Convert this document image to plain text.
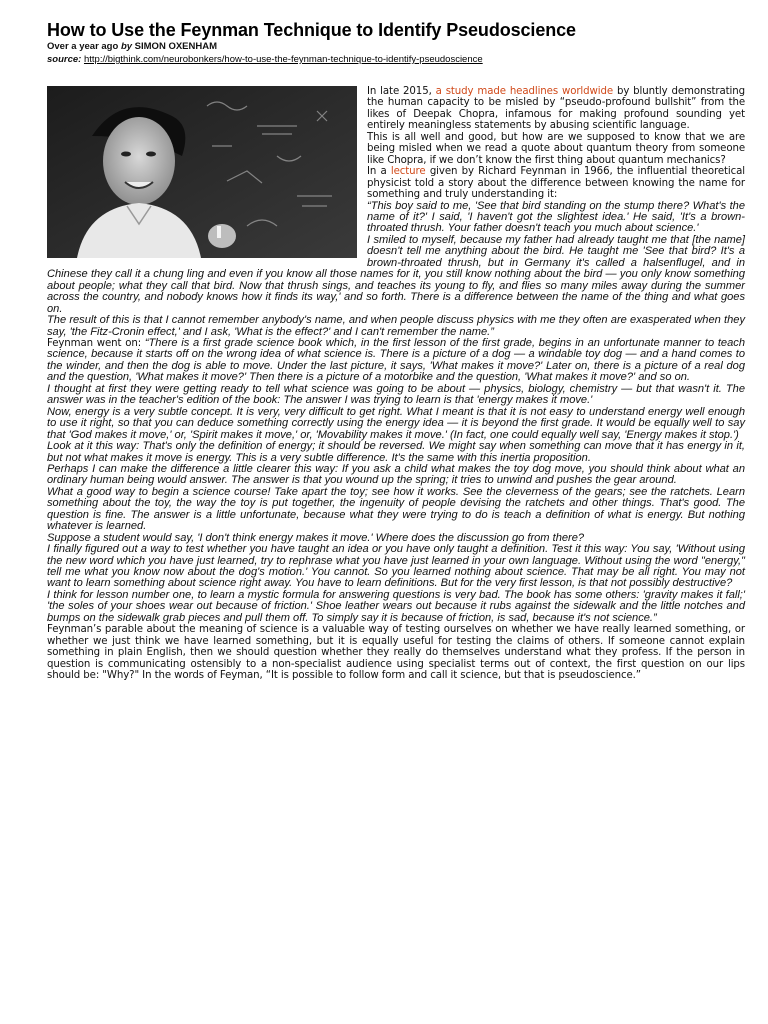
How to Use the Feynman Technique to Identify Pseudoscience
Over a year ago by SIMON OXENHAM
source: http://bigthink.com/neurobonkers/how-to-use-the-feynman-technique-to-identify-pseudoscience

In late 2015, a study made headlines worldwide by bluntly demonstrating the human capacity to be misled by “pseudo-profound bullshit” from the likes of Deepak Chopra, infamous for making profound sounding yet entirely meaningless statements by abusing scientific language.

This is all well and good, but how are we supposed to know that we are being misled when we read a quote about quantum theory from someone like Chopra, if we don’t know the first thing about quantum mechanics?

In a lecture given by Richard Feynman in 1966, the influential theoretical physicist told a story about the difference between knowing the name for something and truly understanding it:

“This boy said to me, 'See that bird standing on the stump there? What's the name of it?' I said, 'I haven't got the slightest idea.' He said, 'It's a brown-throated thrush. Your father doesn't teach you much about science.'

I smiled to myself, because my father had already taught me that [the name] doesn't tell me anything about the bird. He taught me 'See that bird? It's a brown-throated thrush, but in Germany it's called a halsenflugel, and in Chinese they call it a chung ling and even if you know all those names for it, you still know nothing about the bird — you only know something about people; what they call that bird. Now that thrush sings, and teaches its young to fly, and flies so many miles away during the summer across the country, and nobody knows how it finds its way,' and so forth. There is a difference between the name of the thing and what goes on.

The result of this is that I cannot remember anybody's name, and when people discuss physics with me they often are exasperated when they say, 'the Fitz-Cronin effect,' and I ask, 'What is the effect?' and I can't remember the name.”

Feynman went on: “There is a first grade science book which, in the first lesson of the first grade, begins in an unfortunate manner to teach science, because it starts off on the wrong idea of what science is. There is a picture of a dog — a windable toy dog — and a hand comes to the winder, and then the dog is able to move. Under the last picture, it says, 'What makes it move?' Later on, there is a picture of a real dog and the question, 'What makes it move?' Then there is a picture of a motorbike and the question, 'What makes it move?' and so on.

I thought at first they were getting ready to tell what science was going to be about — physics, biology, chemistry — but that wasn't it. The answer was in the teacher's edition of the book: The answer I was trying to learn is that 'energy makes it move.'

Now, energy is a very subtle concept. It is very, very difficult to get right. What I meant is that it is not easy to understand energy well enough to use it right, so that you can deduce something correctly using the energy idea — it is beyond the first grade. It would be equally well to say that 'God makes it move,' or, 'Spirit makes it move,' or, 'Movability makes it move.' (In fact, one could equally well say, 'Energy makes it stop.')

Look at it this way: That's only the definition of energy; it should be reversed. We might say when something can move that it has energy in it, but not what makes it move is energy. This is a very subtle difference. It's the same with this inertia proposition.

Perhaps I can make the difference a little clearer this way: If you ask a child what makes the toy dog move, you should think about what an ordinary human being would answer. The answer is that you wound up the spring; it tries to unwind and pushes the gear around.

What a good way to begin a science course! Take apart the toy; see how it works. See the cleverness of the gears; see the ratchets. Learn something about the toy, the way the toy is put together, the ingenuity of people devising the ratchets and other things. That's good. The question is fine. The answer is a little unfortunate, because what they were trying to do is teach a definition of what is energy. But nothing whatever is learned.

Suppose a student would say, 'I don't think energy makes it move.' Where does the discussion go from there?

I finally figured out a way to test whether you have taught an idea or you have only taught a definition. Test it this way: You say, 'Without using the new word which you have just learned, try to rephrase what you have just learned in your own language. Without using the word "energy," tell me what you know now about the dog's motion.' You cannot. So you learned nothing about science. That may be all right. You may not want to learn something about science right away. You have to learn definitions. But for the very first lesson, is that not possibly destructive?

I think for lesson number one, to learn a mystic formula for answering questions is very bad. The book has some others: 'gravity makes it fall;' 'the soles of your shoes wear out because of friction.' Shoe leather wears out because it rubs against the sidewalk and the little notches and bumps on the sidewalk grab pieces and pull them off. To simply say it is because of friction, is sad, because it's not science.”

Feynman’s parable about the meaning of science is a valuable way of testing ourselves on whether we have really learned something, or whether we just think we have learned something, but it is equally useful for testing the claims of others. If someone cannot explain something in plain English, then we should question whether they really do themselves understand what they profess. If the person in question is communicating ostensibly to a non-specialist audience using specialist terms out of context, the first question on our lips should be: "Why?" In the words of Feyman, “It is possible to follow form and call it science, but that is pseudoscience.”
